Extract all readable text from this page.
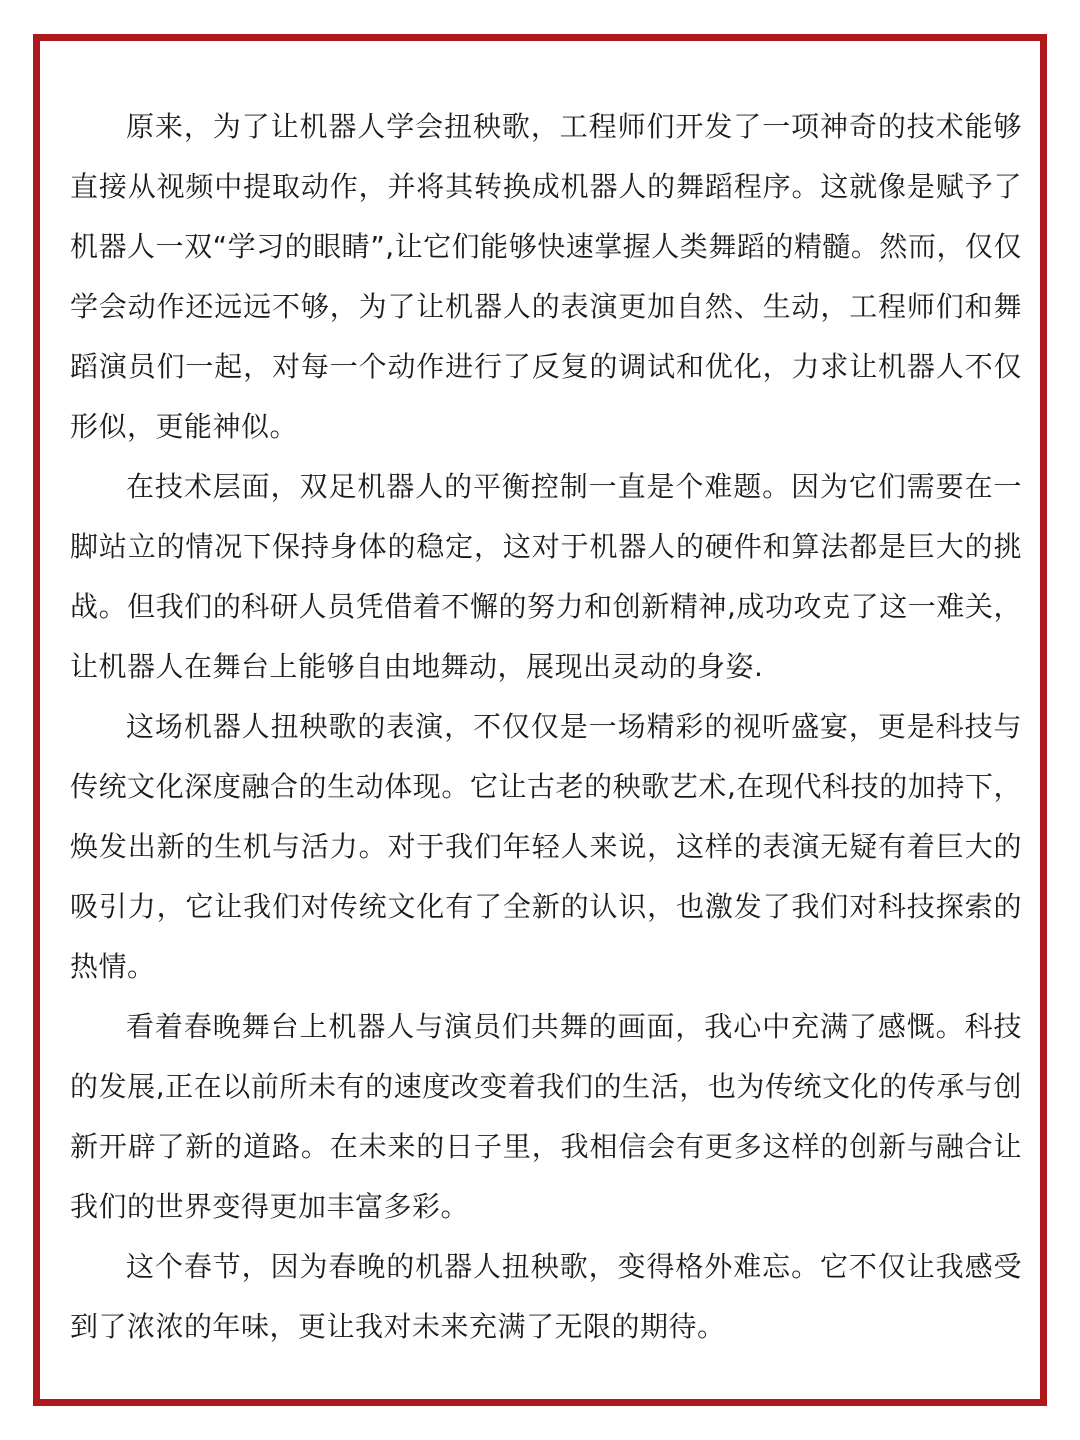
原来，为了让机器人学会扭秧歌，工程师们开发了一项神奇的技术能够直接从视频中提取动作，并将其转换成机器人的舞蹈程序。这就像是赋予了机器人一双“学习的眼睛”,让它们能够快速掌握人类舞蹈的精髓。然而，仅仅学会动作还远远不够，为了让机器人的表演更加自然、生动，工程师们和舞蹈演员们一起，对每一个动作进行了反复的调试和优化，力求让机器人不仅形似，更能神似。

在技术层面，双足机器人的平衡控制一直是个难题。因为它们需要在一脚站立的情况下保持身体的稳定，这对于机器人的硬件和算法都是巨大的挑战。但我们的科研人员凭借着不懈的努力和创新精神,成功攻克了这一难关，让机器人在舞台上能够自由地舞动，展现出灵动的身姿.

这场机器人扭秧歌的表演，不仅仅是一场精彩的视听盛宴，更是科技与传统文化深度融合的生动体现。它让古老的秧歌艺术,在现代科技的加持下，焕发出新的生机与活力。对于我们年轻人来说，这样的表演无疑有着巨大的吸引力，它让我们对传统文化有了全新的认识，也激发了我们对科技探索的热情。

看着春晚舞台上机器人与演员们共舞的画面，我心中充满了感慨。科技的发展,正在以前所未有的速度改变着我们的生活，也为传统文化的传承与创新开辟了新的道路。在未来的日子里，我相信会有更多这样的创新与融合让我们的世界变得更加丰富多彩。

这个春节，因为春晚的机器人扭秧歌，变得格外难忘。它不仅让我感受到了浓浓的年味，更让我对未来充满了无限的期待。
